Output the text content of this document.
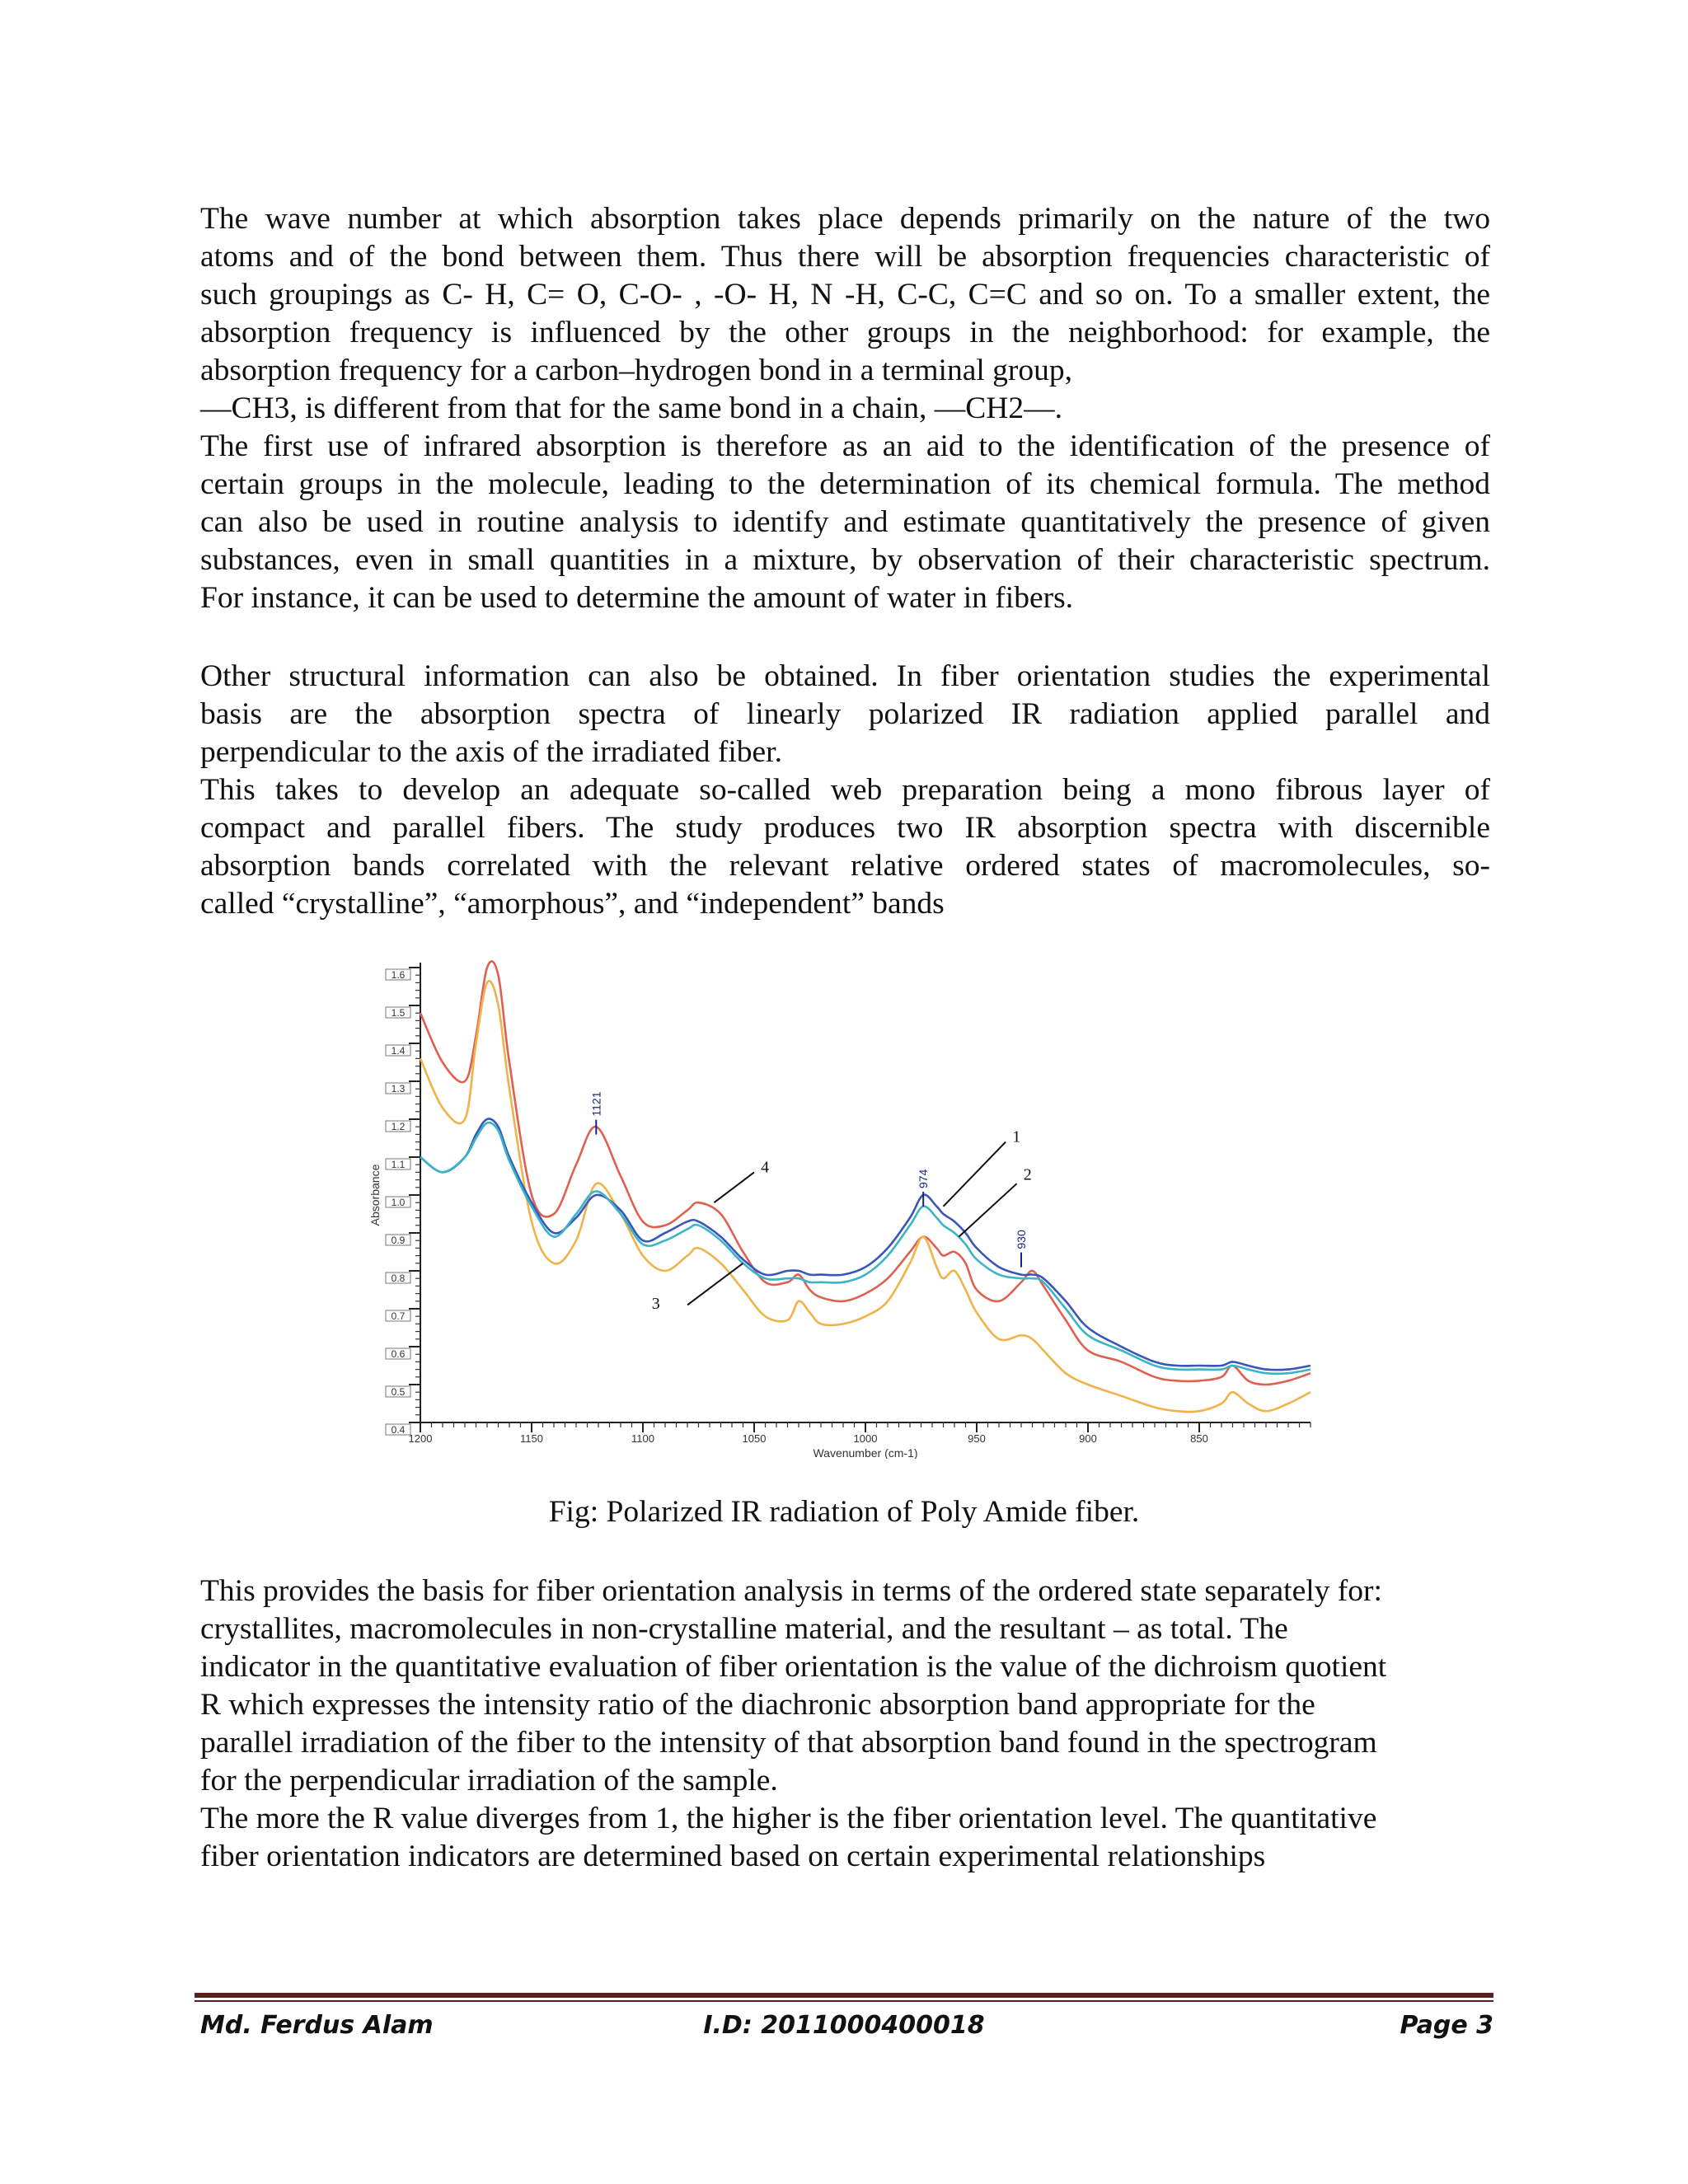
The wave number at which absorption takes place depends primarily on the nature of the two
atoms and of the bond between them. Thus there will be absorption frequencies characteristic of
such groupings as C- H, C= O, C-O- , -O- H, N -H, C-C, C=C and so on. To a smaller extent, the
absorption frequency is influenced by the other groups in the neighborhood: for example, the
absorption frequency for a carbon–hydrogen bond in a terminal group,
—CH3, is different from that for the same bond in a chain, —CH2—.
The first use of infrared absorption is therefore as an aid to the identification of the presence of
certain groups in the molecule, leading to the determination of its chemical formula. The method
can also be used in routine analysis to identify and estimate quantitatively the presence of given
substances, even in small quantities in a mixture, by observation of their characteristic spectrum.
For instance, it can be used to determine the amount of water in fibers.
Other structural information can also be obtained. In fiber orientation studies the experimental
basis are the absorption spectra of linearly polarized IR radiation applied parallel and
perpendicular to the axis of the irradiated fiber.
This takes to develop an adequate so-called web preparation being a mono fibrous layer of
compact and parallel fibers. The study produces two IR absorption spectra with discernible
absorption bands correlated with the relevant relative ordered states of macromolecules, so-
called “crystalline”, “amorphous”, and “independent” bands
0.4
0.5
0.6
0.7
0.8
0.9
1.0
1.1
1.2
1.3
1.4
1.5
1.6
1200	1150	1100	1050	1000	950	900	850
Wavenumber (cm-1)
Absorbance
1121
974
930
1
2
3
4
Fig: Polarized IR radiation of Poly Amide fiber.
This provides the basis for fiber orientation analysis in terms of the ordered state separately for:
crystallites, macromolecules in non-crystalline material, and the resultant – as total. The
indicator in the quantitative evaluation of fiber orientation is the value of the dichroism quotient
R which expresses the intensity ratio of the diachronic absorption band appropriate for the
parallel irradiation of the fiber to the intensity of that absorption band found in the spectrogram
for the perpendicular irradiation of the sample.
The more the R value diverges from 1, the higher is the fiber orientation level. The quantitative
fiber orientation indicators are determined based on certain experimental relationships
Md. Ferdus Alam	I.D: 2011000400018	Page 3
